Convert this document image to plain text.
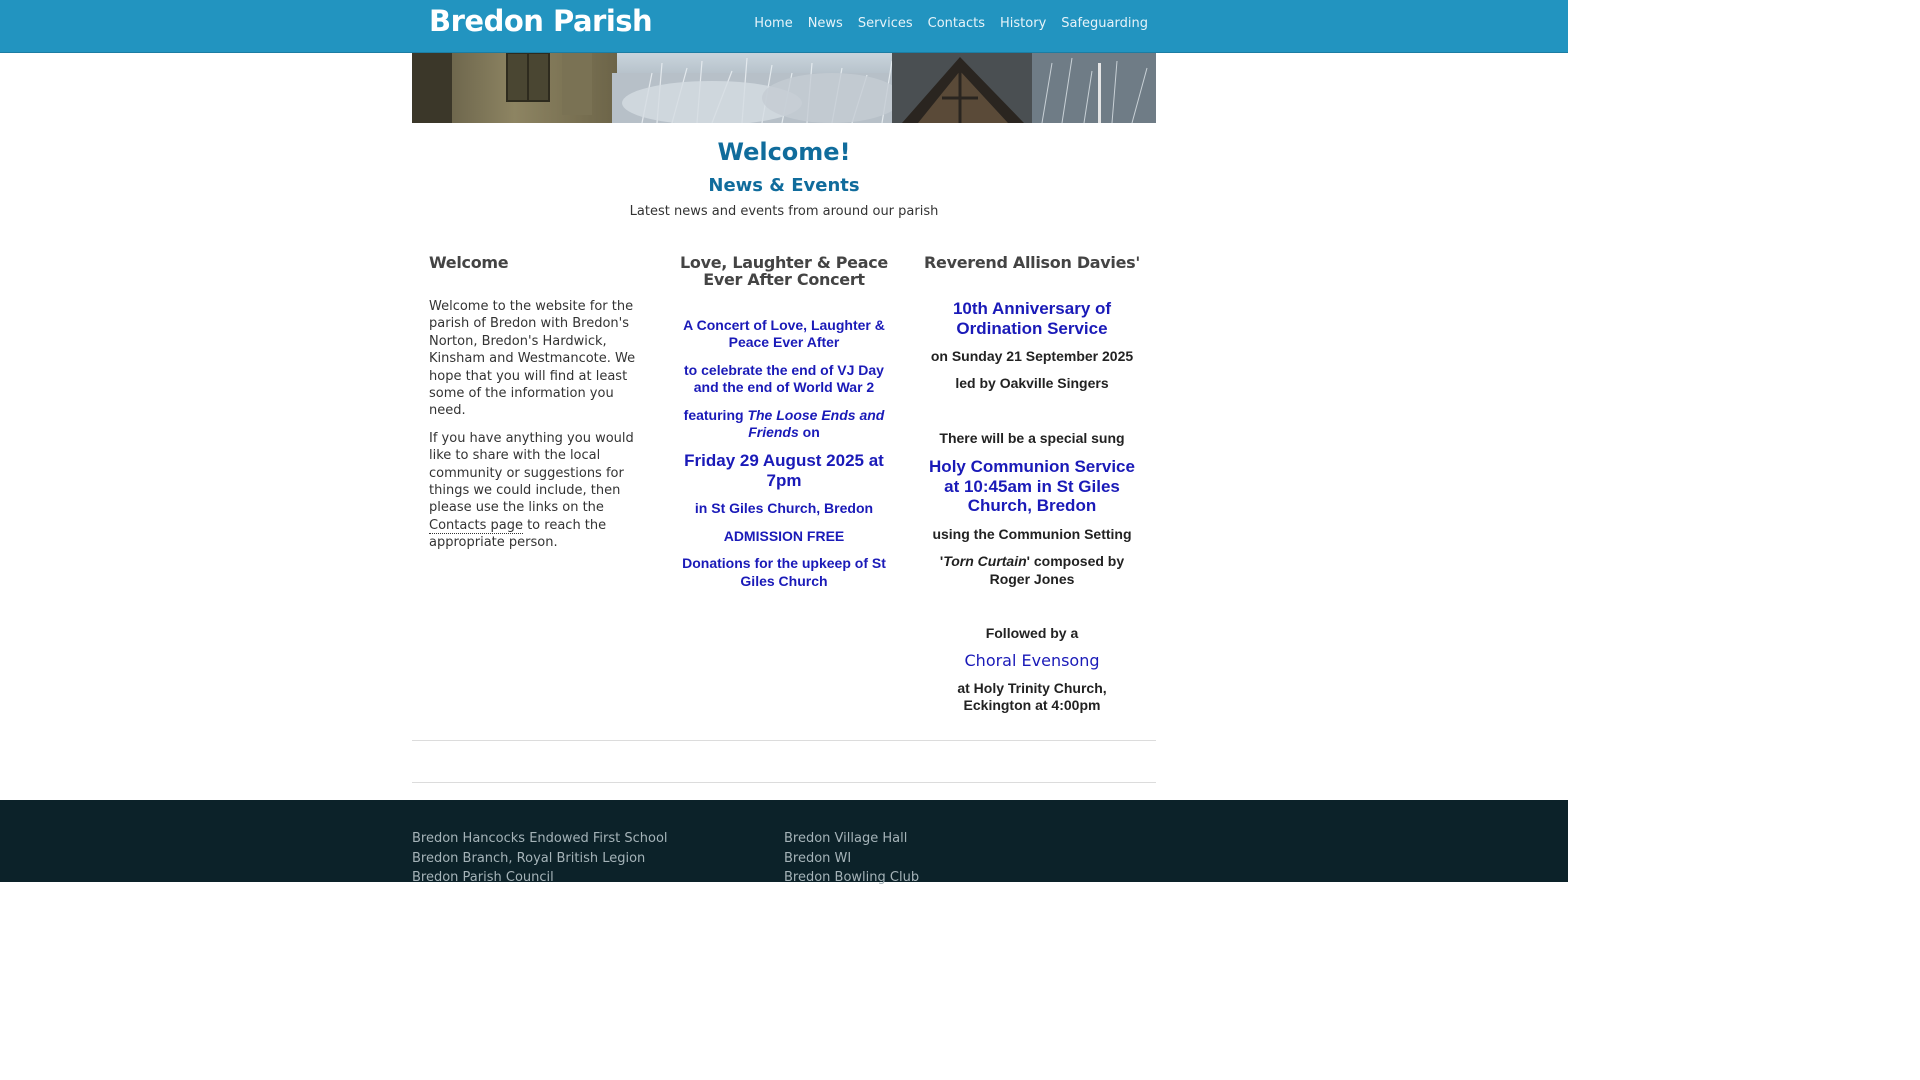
Bredon Parish	Home News Services Contacts History Safeguarding
Welcome!
News & Events
Latest news and events from around our parish
Welcome

Welcome to the website for the parish of Bredon with Bredon's Norton, Bredon's Hardwick, Kinsham and Westmancote. We hope that you will find at least some of the information you need.

If you have anything you would like to share with the local community or suggestions for things we could include, then please use the links on the Contacts page to reach the appropriate person.

Love, Laughter & Peace Ever After Concert

A Concert of Love, Laughter & Peace Ever After

to celebrate the end of VJ Day and the end of World War 2

featuring The Loose Ends and Friends on

Friday 29 August 2025 at 7pm

in St Giles Church, Bredon

ADMISSION FREE

Donations for the upkeep of St Giles Church

Reverend Allison Davies'

10th Anniversary of Ordination Service

on Sunday 21 September 2025

led by Oakville Singers

There will be a special sung

Holy Communion Service at 10:45am in St Giles Church, Bredon

using the Communion Setting

'Torn Curtain' composed by Roger Jones

Followed by a

Choral Evensong

at Holy Trinity Church, Eckington at 4:00pm

Bredon Hancocks Endowed First School
Bredon Branch, Royal British Legion
Bredon Parish Council
Bredon Village Hall
Bredon WI
Bredon Bowling Club
